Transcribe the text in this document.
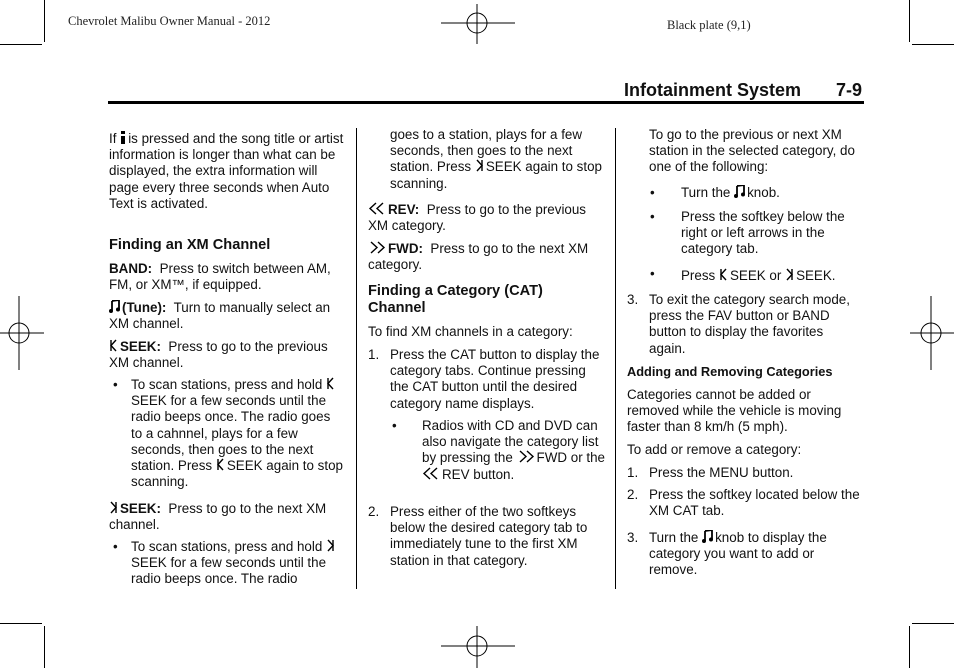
Chevrolet Malibu Owner Manual - 2012	Black plate (9,1)
Infotainment System 7-9

If is pressed and the song title or artist information is longer than what can be displayed, the extra information will page every three seconds when Auto Text is activated.

Finding an XM Channel

BAND: Press to switch between AM, FM, or XM™, if equipped.

(Tune): Turn to manually select an XM channel.

SEEK: Press to go to the previous XM channel.

• To scan stations, press and hold SEEK for a few seconds until the radio beeps once. The radio goes to a cahnnel, plays for a few seconds, then goes to the next station. Press SEEK again to stop scanning.

SEEK: Press to go to the next XM channel.

• To scan stations, press and hold SEEK for a few seconds until the radio beeps once. The radio

goes to a station, plays for a few seconds, then goes to the next station. Press SEEK again to stop scanning.

REV: Press to go to the previous XM category.

FWD: Press to go to the next XM category.

Finding a Category (CAT) Channel

To find XM channels in a category:

1. Press the CAT button to display the category tabs. Continue pressing the CAT button until the desired category name displays.

• Radios with CD and DVD can also navigate the category list by pressing the FWD or the REV button.

2. Press either of the two softkeys below the desired category tab to immediately tune to the first XM station in that category.

To go to the previous or next XM station in the selected category, do one of the following:

• Turn the knob.

• Press the softkey below the right or left arrows in the category tab.

• Press SEEK or SEEK.

3. To exit the category search mode, press the FAV button or BAND button to display the favorites again.

Adding and Removing Categories

Categories cannot be added or removed while the vehicle is moving faster than 8 km/h (5 mph).

To add or remove a category:

1. Press the MENU button.

2. Press the softkey located below the XM CAT tab.

3. Turn the knob to display the category you want to add or remove.
